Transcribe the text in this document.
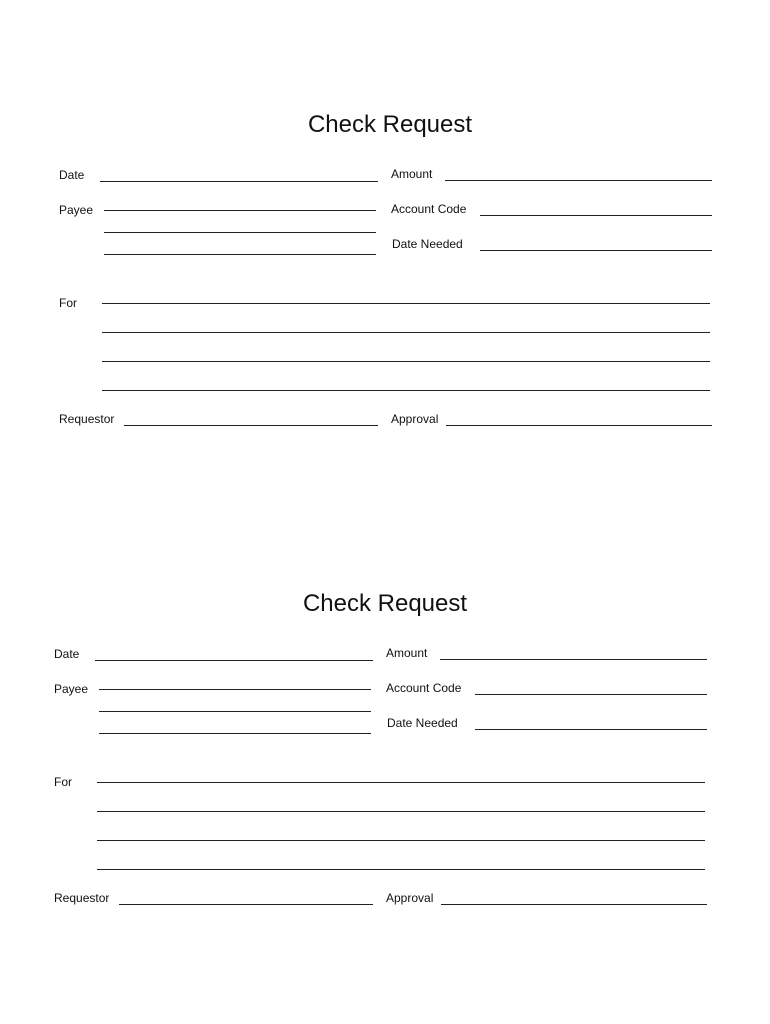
Check Request
Date	Amount
Payee	Account Code
Date Needed
For
Requestor	Approval
Check Request
Date	Amount
Payee	Account Code
Date Needed
For
Requestor	Approval
